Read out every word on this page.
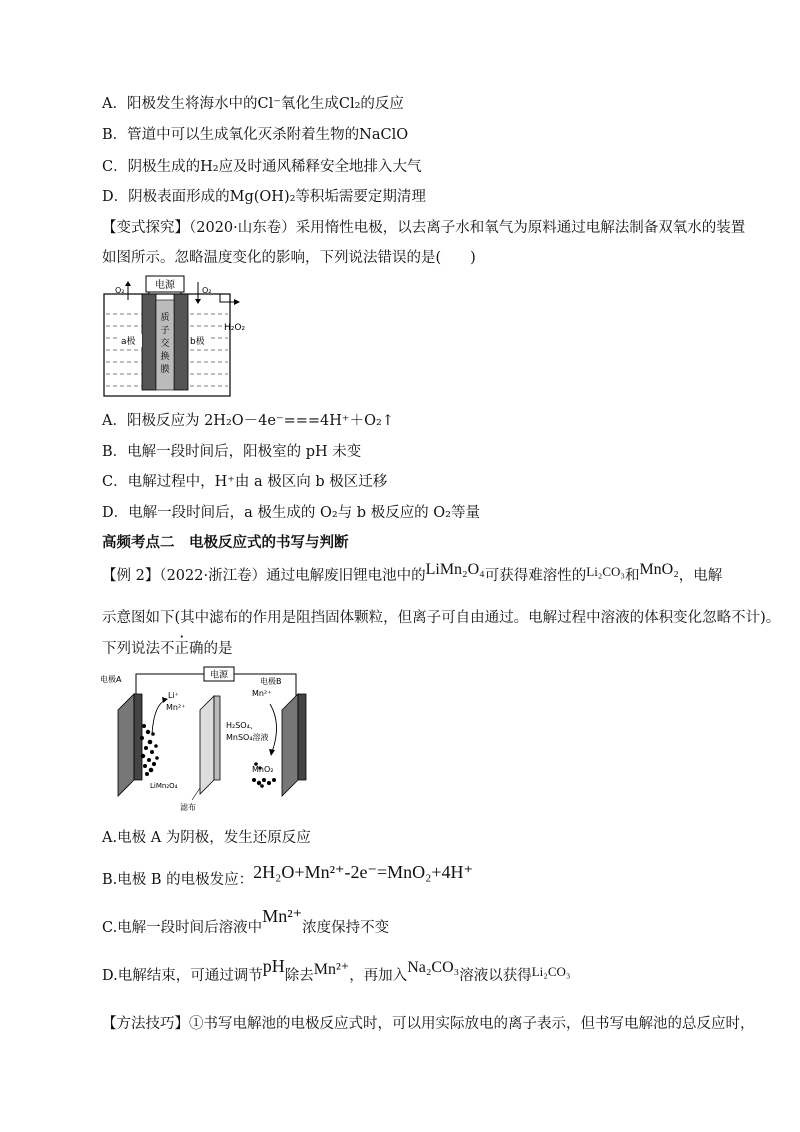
A．阳极发生将海水中的Cl⁻氧化生成Cl₂的反应
B．管道中可以生成氧化灭杀附着生物的NaClO
C．阴极生成的H₂应及时通风稀释安全地排入大气
D．阴极表面形成的Mg(OH)₂等积垢需要定期清理
【变式探究】（2020·山东卷）采用惰性电极，以去离子水和氧气为原料通过电解法制备双氧水的装置
如图所示。忽略温度变化的影响，下列说法错误的是(　　)
电源
O₂	O₂
H₂O₂
质
子
交
换
膜
a极	b极
A．阳极反应为 2H₂O－4e⁻===4H⁺＋O₂↑
B．电解一段时间后，阳极室的 pH 未变
C．电解过程中，H⁺由 a 极区向 b 极区迁移
D．电解一段时间后，a 极生成的 O₂与 b 极反应的 O₂等量
高频考点二　电极反应式的书写与判断
【例 2】（2022·浙江卷）通过电解废旧锂电池中的LiMn₂O₄可获得难溶性的Li₂CO₃和MnO₂，电解
示意图如下(其中滤布的作用是阻挡固体颗粒，但离子可自由通过。电解过程中溶液的体积变化忽略不计)。
下列说法不正确的是
电源
Li⁺
Mn²⁺
电极B
Mn²⁺
H₂SO₄、
MnSO₄溶液
MnO₂
电极A
LiMn₂O₄
滤布
A.电极 A 为阴极，发生还原反应
B.电极 B 的电极发应：2H₂O+Mn²⁺-2e⁻=MnO₂+4H⁺
C.电解一段时间后溶液中Mn²⁺浓度保持不变
D.电解结束，可通过调节pH除去Mn²⁺，再加入Na₂CO₃溶液以获得Li₂CO₃
【方法技巧】①书写电解池的电极反应式时，可以用实际放电的离子表示，但书写电解池的总反应时，
